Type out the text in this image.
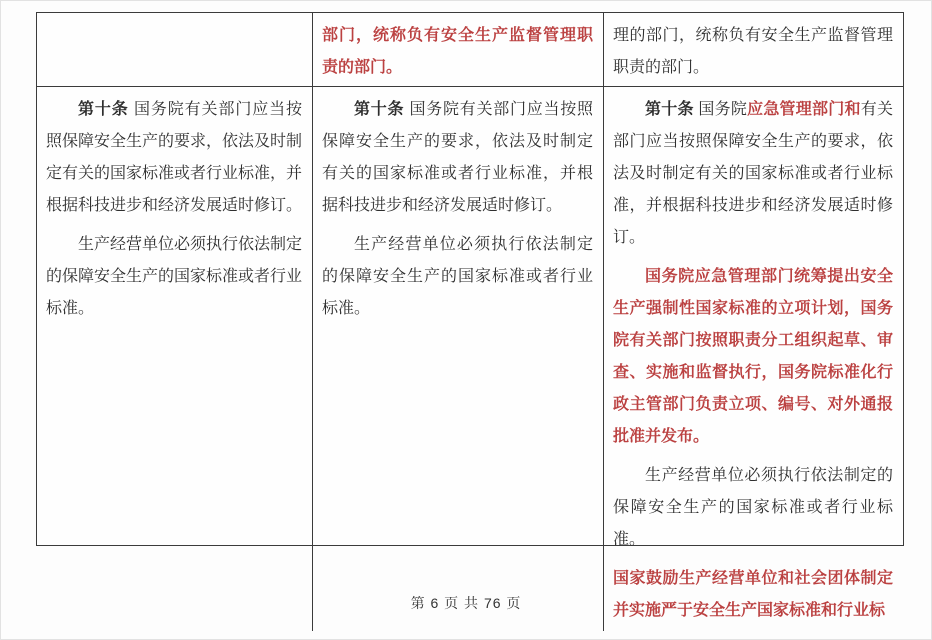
部门，统称负有安全生产监督管理职责的部门。

理的部门，统称负有安全生产监督管理职责的部门。

第十条 国务院有关部门应当按照保障安全生产的要求，依法及时制定有关的国家标准或者行业标准，并根据科技进步和经济发展适时修订。

生产经营单位必须执行依法制定的保障安全生产的国家标准或者行业标准。

第十条 国务院有关部门应当按照保障安全生产的要求，依法及时制定有关的国家标准或者行业标准，并根据科技进步和经济发展适时修订。

生产经营单位必须执行依法制定的保障安全生产的国家标准或者行业标准。

第十条 国务院应急管理部门和有关部门应当按照保障安全生产的要求，依法及时制定有关的国家标准或者行业标准，并根据科技进步和经济发展适时修订。

国务院应急管理部门统筹提出安全生产强制性国家标准的立项计划，国务院有关部门按照职责分工组织起草、审查、实施和监督执行，国务院标准化行政主管部门负责立项、编号、对外通报批准并发布。

生产经营单位必须执行依法制定的保障安全生产的国家标准或者行业标准。

国家鼓励生产经营单位和社会团体制定并实施严于安全生产国家标准和行业标

第 6 页 共 76 页
